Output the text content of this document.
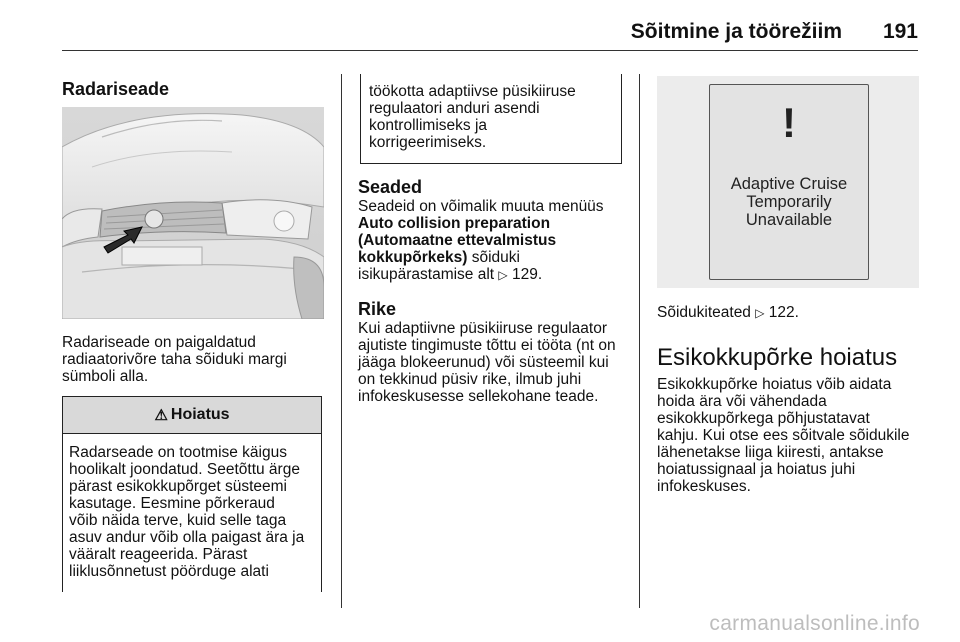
Sõitmine ja töörežiim 191
Radariseade

Radariseade on paigaldatud

radiaatorivõre taha sõiduki margi

sümboli alla.

⚠ Hoiatus

Radarseade on tootmise käigus

hoolikalt joondatud. Seetõttu ärge

pärast esikokkupõrget süsteemi

kasutage. Eesmine põrkeraud

võib näida terve, kuid selle taga

asuv andur võib olla paigast ära ja

vääralt reageerida. Pärast

liiklusõnnetust pöörduge alati

töökotta adaptiivse püsikiiruse

regulaatori anduri asendi

kontrollimiseks ja

korrigeerimiseks.

Seaded

Seadeid on võimalik muuta menüüs

Auto collision preparation

(Automaatne ettevalmistus

kokkupõrkeks) sõiduki

isikupärastamise alt ▷ 129.

Rike

Kui adaptiivne püsikiiruse regulaator

ajutiste tingimuste tõttu ei tööta (nt on

jääga blokeerunud) või süsteemil kui

on tekkinud püsiv rike, ilmub juhi

infokeskusesse sellekohane teade.

!
Adaptive Cruise
Temporarily
Unavailable

Sõidukiteated ▷ 122.

Esikokkupõrke hoiatus

Esikokkupõrke hoiatus võib aidata

hoida ära või vähendada

esikokkupõrkega põhjustatavat

kahju. Kui otse ees sõitvale sõidukile

lähenetakse liiga kiiresti, antakse

hoiatussignaal ja hoiatus juhi

infokeskuses.

carmanualsonline.info
